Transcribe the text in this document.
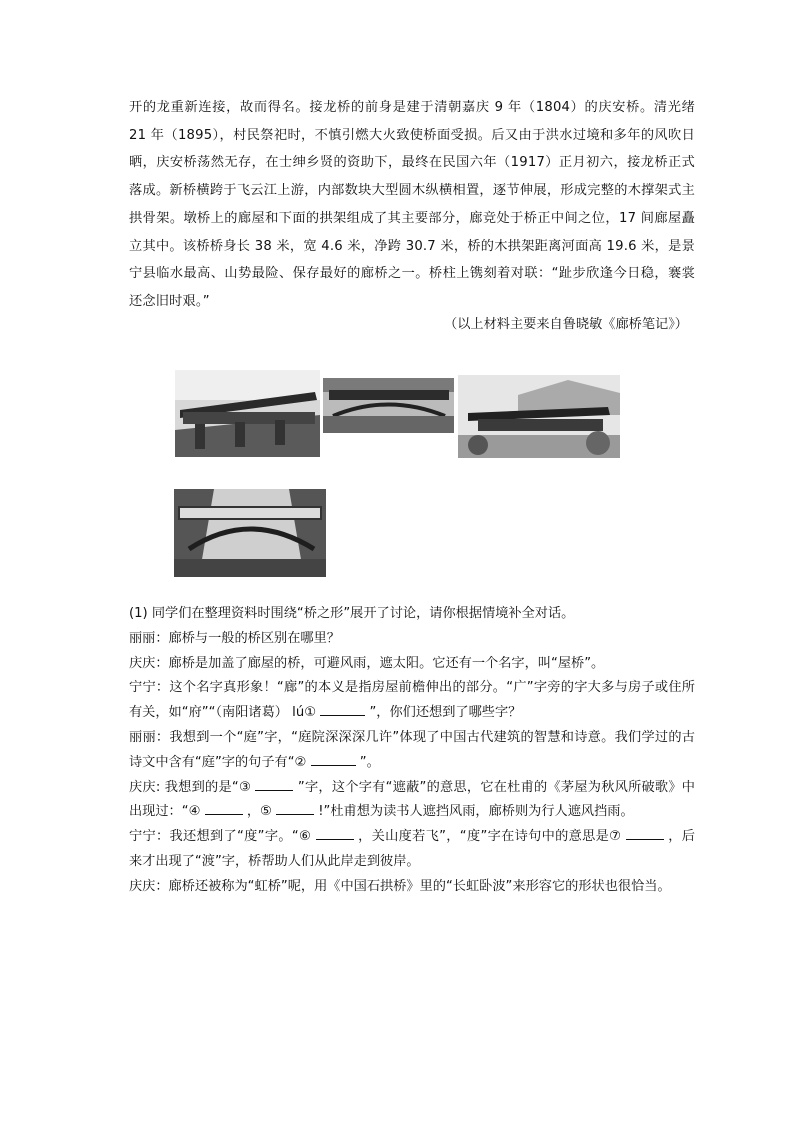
开的龙重新连接，故而得名。接龙桥的前身是建于清朝嘉庆 9 年（1804）的庆安桥。清光绪 21 年（1895），村民祭祀时，不慎引燃大火致使桥面受损。后又由于洪水过境和多年的风吹日晒，庆安桥荡然无存，在士绅乡贤的资助下，最终在民国六年（1917）正月初六，接龙桥正式落成。新桥横跨于飞云江上游，内部数块大型圆木纵横相置，逐节伸展，形成完整的木撑架式主拱骨架。墩桥上的廊屋和下面的拱架组成了其主要部分，廊竞处于桥正中间之位，17 间廊屋矗立其中。该桥桥身长 38 米，宽 4.6 米，净跨 30.7 米，桥的木拱架距离河面高 19.6 米，是景宁县临水最高、山势最险、保存最好的廊桥之一。桥柱上镌刻着对联：“趾步欣逢今日稳，褰裳还念旧时艰。”

（以上材料主要来自鲁晓敏《廊桥笔记》）

(1) 同学们在整理资料时围绕“桥之形”展开了讨论，请你根据情境补全对话。

丽丽：廊桥与一般的桥区别在哪里？

庆庆：廊桥是加盖了廊屋的桥，可避风雨，遮太阳。它还有一个名字，叫“屋桥”。

宁宁：这个名字真形象！“廊”的本义是指房屋前檐伸出的部分。“广”字旁的字大多与房子或住所有关，如“府”“（南阳诸葛） lú①	”，你们还想到了哪些字？

丽丽：我想到一个“庭”字，“庭院深深深几许”体现了中国古代建筑的智慧和诗意。我们学过的古诗文中含有“庭”字的句子有“②	”。

庆庆: 我想到的是“③	”字，这个字有“遮蔽”的意思，它在杜甫的《茅屋为秋风所破歌》中出现过：“④	，⑤	!”杜甫想为读书人遮挡风雨，廊桥则为行人遮风挡雨。

宁宁：我还想到了“度”字。“⑥	，关山度若飞”，“度”字在诗句中的意思是⑦	，后来才出现了“渡”字，桥帮助人们从此岸走到彼岸。

庆庆：廊桥还被称为“虹桥”呢，用《中国石拱桥》里的“长虹卧波”来形容它的形状也很恰当。
